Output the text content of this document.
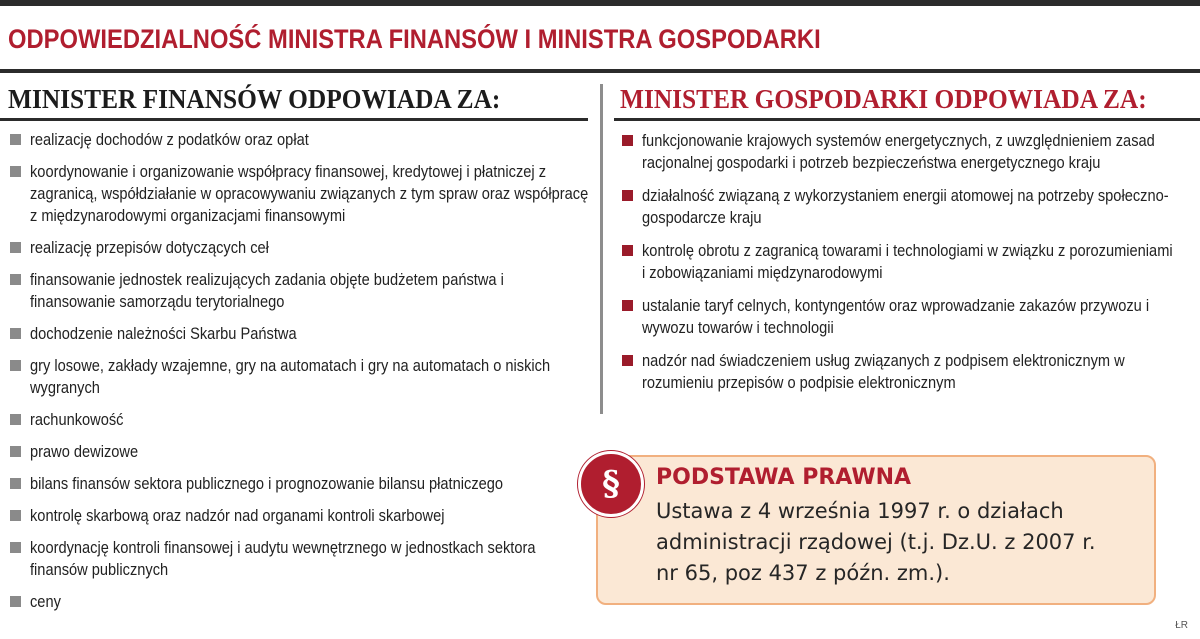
ODPOWIEDZIALNOŚĆ MINISTRA FINANSÓW I MINISTRA GOSPODARKI
MINISTER FINANSÓW ODPOWIADA ZA:	MINISTER GOSPODARKI ODPOWIADA ZA:
realizację dochodów z podatków oraz opłat
koordynowanie i organizowanie współpracy finansowej, kredytowej i płatniczej z zagranicą, współdziałanie w opracowywaniu związanych z tym spraw oraz współpracę z międzynarodowymi organizacjami finansowymi
realizację przepisów dotyczących ceł
finansowanie jednostek realizujących zadania objęte budżetem państwa i finansowanie samorządu terytorialnego
dochodzenie należności Skarbu Państwa
gry losowe, zakłady wzajemne, gry na automatach i gry na automatach o niskich wygranych
rachunkowość
prawo dewizowe
bilans finansów sektora publicznego i prognozowanie bilansu płatniczego
kontrolę skarbową oraz nadzór nad organami kontroli skarbowej
koordynację kontroli finansowej i audytu wewnętrznego w jednostkach sektora finansów publicznych
ceny
funkcjonowanie krajowych systemów energetycznych, z uwzględnieniem zasad racjonalnej gospodarki i potrzeb bezpieczeństwa energetycznego kraju
działalność związaną z wykorzystaniem energii atomowej na potrzeby społeczno-gospodarcze kraju
kontrolę obrotu z zagranicą towarami i technologiami w związku z porozumieniami i zobowiązaniami międzynarodowymi
ustalanie taryf celnych, kontyngentów oraz wprowadzanie zakazów przywozu i wywozu towarów i technologii
nadzór nad świadczeniem usług związanych z podpisem elektronicznym w rozumieniu przepisów o podpisie elektronicznym
§	PODSTAWA PRAWNA
Ustawa z 4 września 1997 r. o działach
administracji rządowej (t.j. Dz.U. z 2007 r.
nr 65, poz 437 z późn. zm.).
ŁR
